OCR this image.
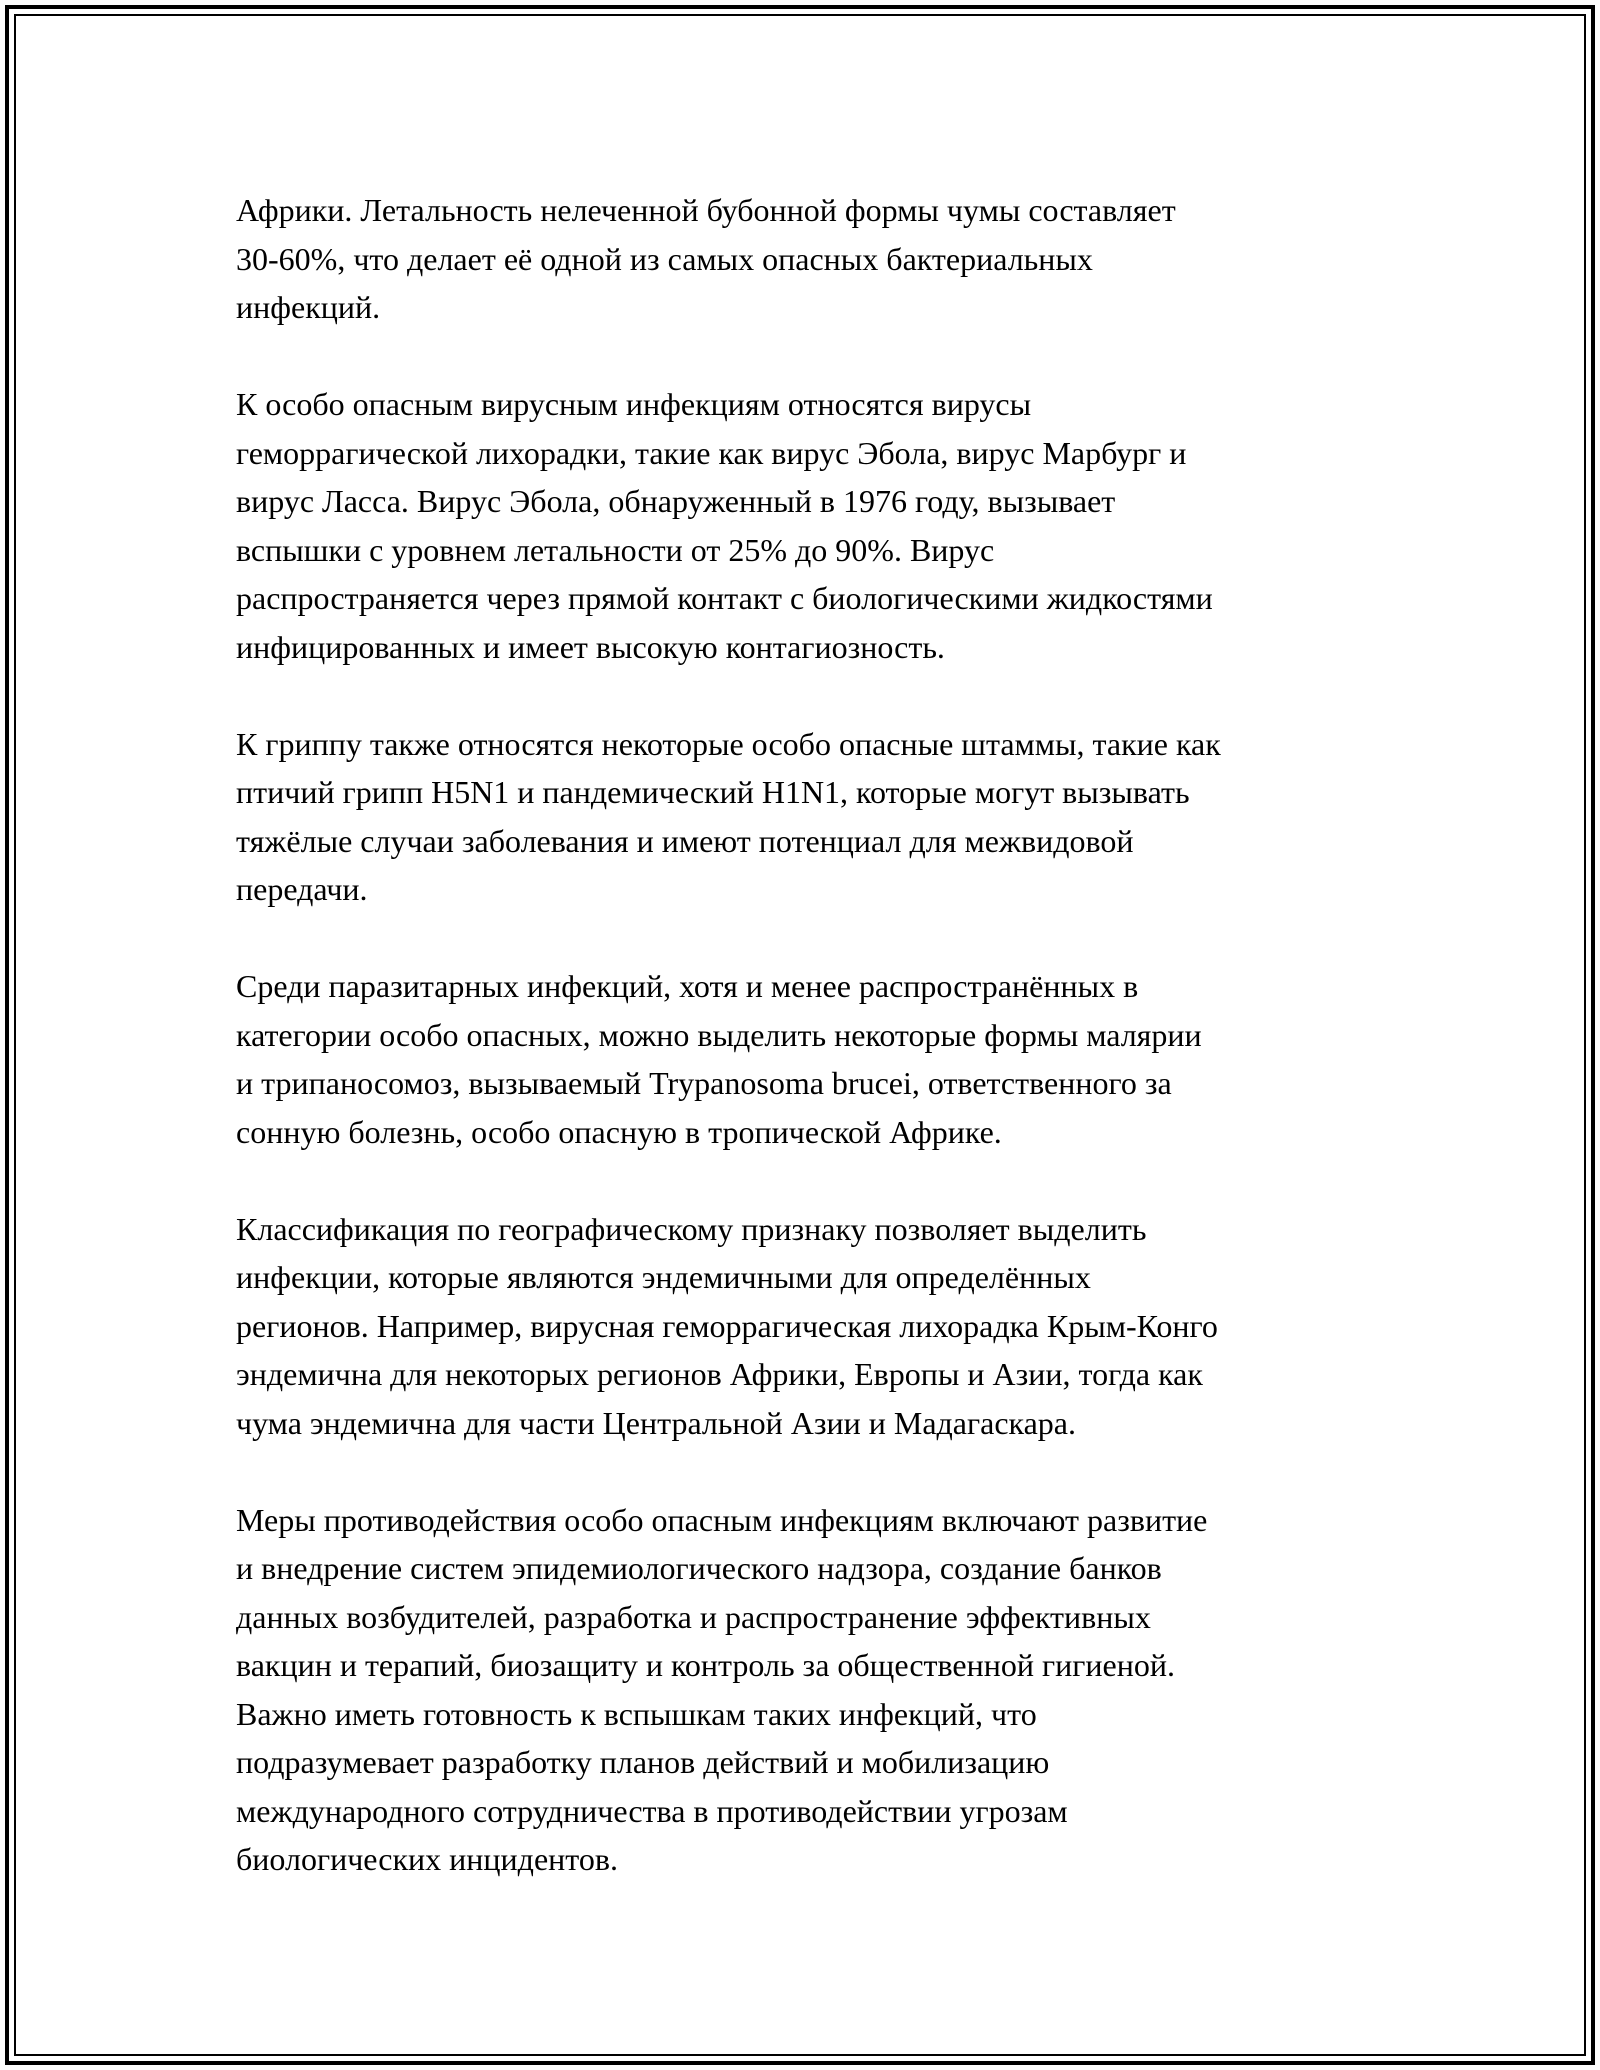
Африки. Летальность нелеченной бубонной формы чумы составляет
30-60%, что делает её одной из самых опасных бактериальных
инфекций.

К особо опасным вирусным инфекциям относятся вирусы
геморрагической лихорадки, такие как вирус Эбола, вирус Марбург и
вирус Ласса. Вирус Эбола, обнаруженный в 1976 году, вызывает
вспышки с уровнем летальности от 25% до 90%. Вирус
распространяется через прямой контакт с биологическими жидкостями
инфицированных и имеет высокую контагиозность.

К гриппу также относятся некоторые особо опасные штаммы, такие как
птичий грипп H5N1 и пандемический H1N1, которые могут вызывать
тяжёлые случаи заболевания и имеют потенциал для межвидовой
передачи.

Среди паразитарных инфекций, хотя и менее распространённых в
категории особо опасных, можно выделить некоторые формы малярии
и трипаносомоз, вызываемый Trypanosoma brucei, ответственного за
сонную болезнь, особо опасную в тропической Африке.

Классификация по географическому признаку позволяет выделить
инфекции, которые являются эндемичными для определённых
регионов. Например, вирусная геморрагическая лихорадка Крым-Конго
эндемична для некоторых регионов Африки, Европы и Азии, тогда как
чума эндемична для части Центральной Азии и Мадагаскара.

Меры противодействия особо опасным инфекциям включают развитие
и внедрение систем эпидемиологического надзора, создание банков
данных возбудителей, разработка и распространение эффективных
вакцин и терапий, биозащиту и контроль за общественной гигиеной.
Важно иметь готовность к вспышкам таких инфекций, что
подразумевает разработку планов действий и мобилизацию
международного сотрудничества в противодействии угрозам
биологических инцидентов.
